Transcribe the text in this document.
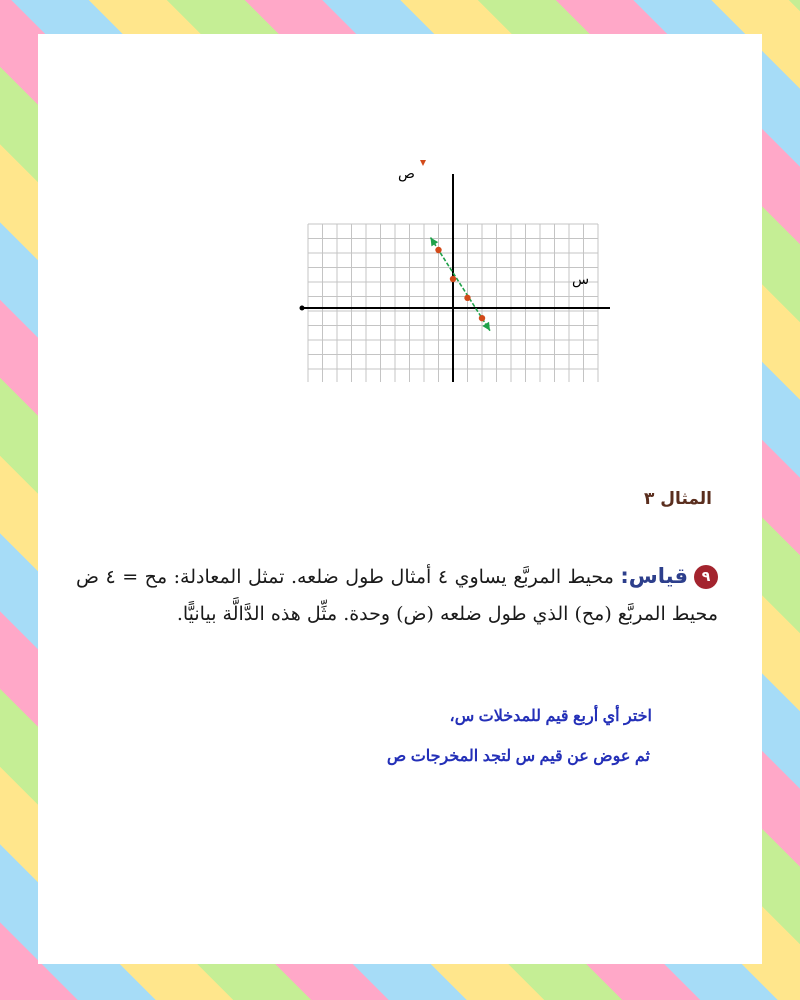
ص
س
المثال ٣
٩قياس: محيط المربَّع يساوي ٤ أمثال طول ضلعه. تمثل المعادلة: مح = ٤ ض محيط المربَّع (مح) الذي طول ضلعه (ض) وحدة. مثِّل هذه الدَّالَّة بيانيًّا.
اختر أي أربع قيم للمدخلات س،
ثم عوض عن قيم س لتجد المخرجات ص
